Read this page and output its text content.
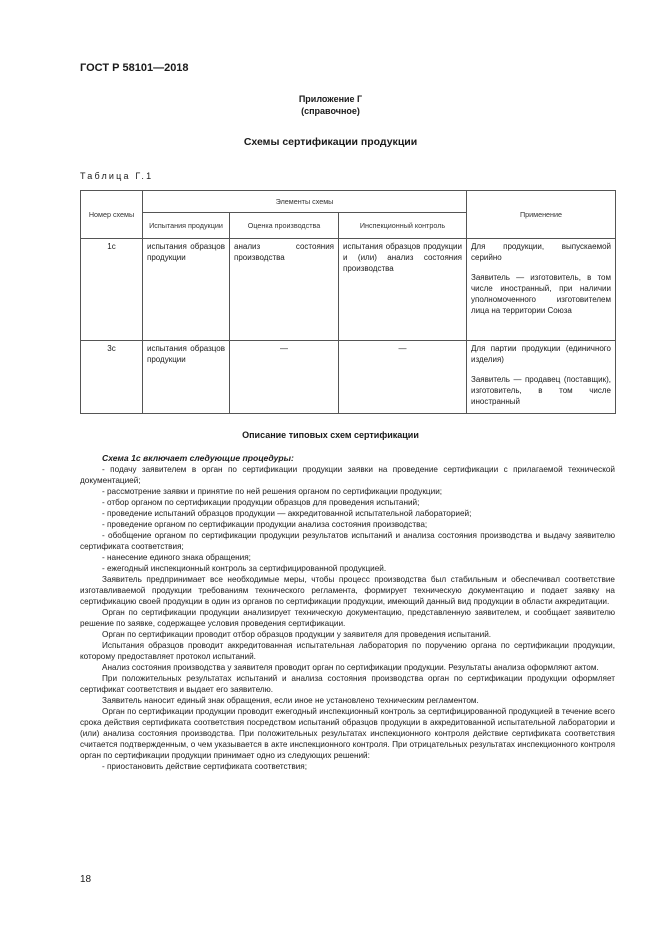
ГОСТ Р 58101—2018
Приложение Г
(справочное)
Схемы сертификации продукции
Таблица Г.1
Номер схемы	Элементы схемы			Применение
	Испытания продукции	Оценка производства	Инспекционный контроль	
1с	испытания образцов продукции	анализ состояния производства	испытания образцов продукции и (или) анализ состояния производства	Для продукции, выпускаемой серийно
Заявитель — изготовитель, в том числе иностранный, при наличии уполномоченного изготовителем лица на территории Союза

3с	испытания образцов продукции	—	—	Для партии продукции (единичного изделия)
Заявитель — продавец (поставщик), изготовитель, в том числе иностранный
Описание типовых схем сертификации

Схема 1с включает следующие процедуры:

- подачу заявителем в орган по сертификации продукции заявки на проведение сертификации с прилагаемой технической документацией;

- рассмотрение заявки и принятие по ней решения органом по сертификации продукции;

- отбор органом по сертификации продукции образцов для проведения испытаний;

- проведение испытаний образцов продукции — аккредитованной испытательной лабораторией;

- проведение органом по сертификации продукции анализа состояния производства;

- обобщение органом по сертификации продукции результатов испытаний и анализа состояния производства и выдачу заявителю сертификата соответствия;

- нанесение единого знака обращения;

- ежегодный инспекционный контроль за сертифицированной продукцией.

Заявитель предпринимает все необходимые меры, чтобы процесс производства был стабильным и обеспечивал соответствие изготавливаемой продукции требованиям технического регламента, формирует техническую документацию и подает заявку на сертификацию своей продукции в один из органов по сертификации продукции, имеющий данный вид продукции в области аккредитации.

Орган по сертификации продукции анализирует техническую документацию, представленную заявителем, и сообщает заявителю решение по заявке, содержащее условия проведения сертификации.

Орган по сертификации проводит отбор образцов продукции у заявителя для проведения испытаний.

Испытания образцов проводит аккредитованная испытательная лаборатория по поручению органа по сертификации продукции, которому предоставляет протокол испытаний.

Анализ состояния производства у заявителя проводит орган по сертификации продукции. Результаты анализа оформляют актом.

При положительных результатах испытаний и анализа состояния производства орган по сертификации продукции оформляет сертификат соответствия и выдает его заявителю.

Заявитель наносит единый знак обращения, если иное не установлено техническим регламентом.

Орган по сертификации продукции проводит ежегодный инспекционный контроль за сертифицированной продукцией в течение всего срока действия сертификата соответствия посредством испытаний образцов продукции в аккредитованной испытательной лаборатории и (или) анализа состояния производства. При положительных результатах инспекционного контроля действие сертификата соответствия считается подтвержденным, о чем указывается в акте инспекционного контроля. При отрицательных результатах инспекционного контроля орган по сертификации продукции принимает одно из следующих решений:

- приостановить действие сертификата соответствия;

18
